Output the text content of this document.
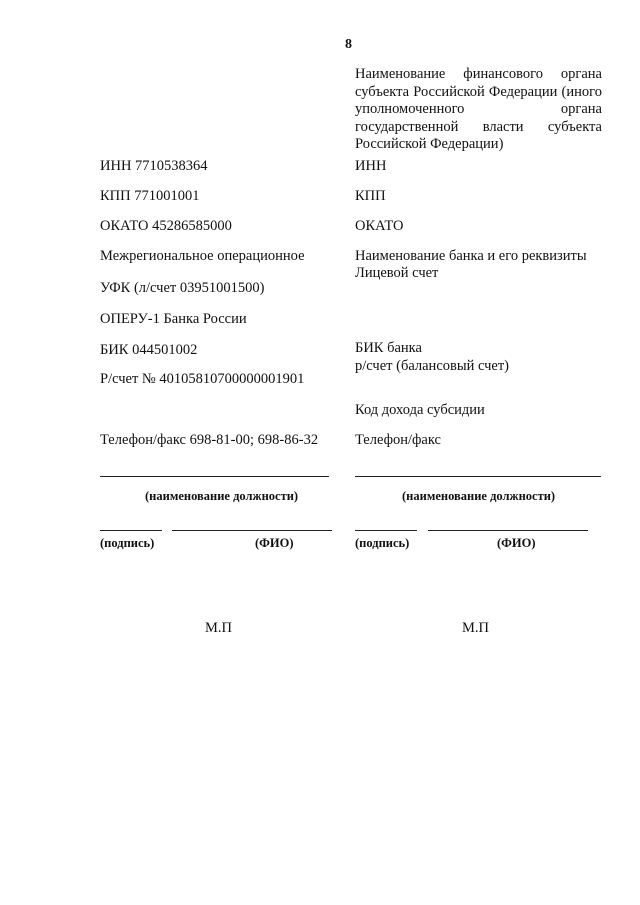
8
Наименование финансового органа субъекта Российской Федерации (иного уполномоченного органа государственной власти субъекта Российской Федерации)
ИНН 7710538364
КПП 771001001
ОКАТО 45286585000
Межрегиональное операционное
УФК (л/счет 03951001500)
ОПЕРУ-1 Банка России
БИК 044501002
Р/счет № 40105810700000001901
Телефон/факс 698-81-00; 698-86-32
(наименование должности)
(подпись)	(ФИО)
М.П
ИНН
КПП
ОКАТО
Наименование банка и его реквизиты
Лицевой счет
БИК банка
р/счет (балансовый счет)
Код дохода субсидии
Телефон/факс
(наименование должности)
(подпись)	(ФИО)
М.П
